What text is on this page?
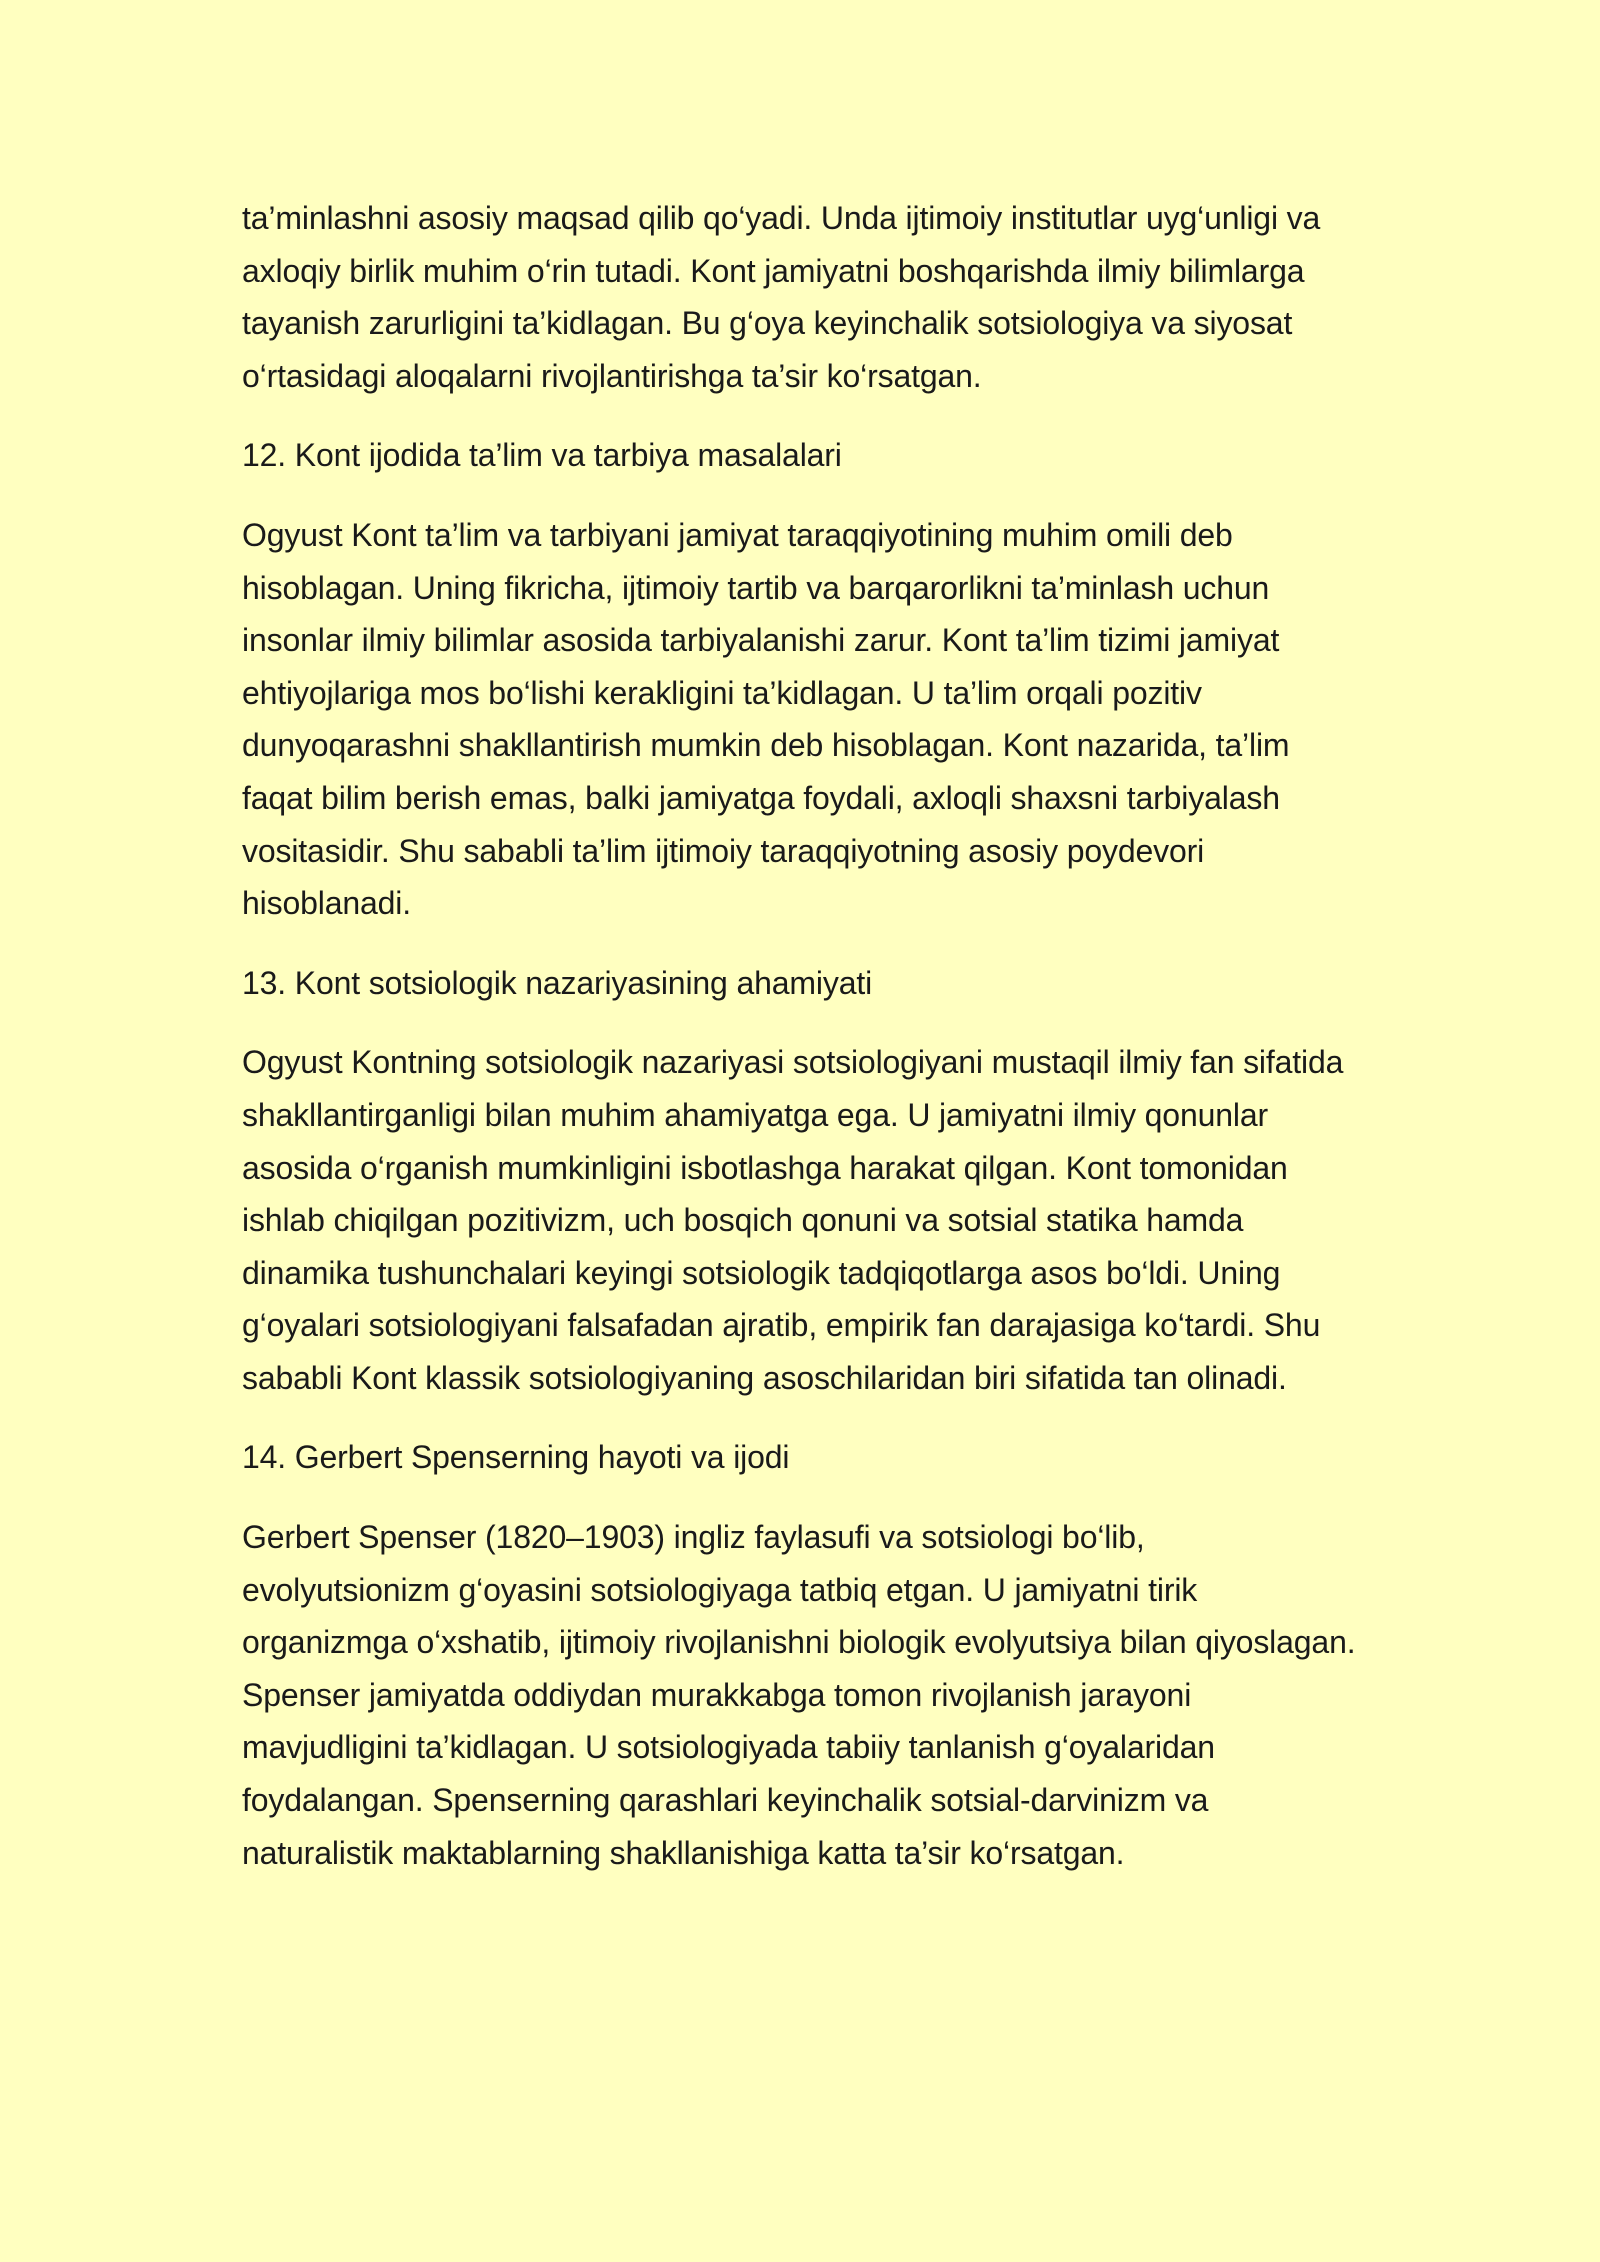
ta’minlashni asosiy maqsad qilib qo‘yadi. Unda ijtimoiy institutlar uyg‘unligi va axloqiy birlik muhim o‘rin tutadi. Kont jamiyatni boshqarishda ilmiy bilimlarga tayanish zarurligini ta’kidlagan. Bu g‘oya keyinchalik sotsiologiya va siyosat o‘rtasidagi aloqalarni rivojlantirishga ta’sir ko‘rsatgan.

12. Kont ijodida ta’lim va tarbiya masalalari

Ogyust Kont ta’lim va tarbiyani jamiyat taraqqiyotining muhim omili deb hisoblagan. Uning fikricha, ijtimoiy tartib va barqarorlikni ta’minlash uchun insonlar ilmiy bilimlar asosida tarbiyalanishi zarur. Kont ta’lim tizimi jamiyat ehtiyojlariga mos bo‘lishi kerakligini ta’kidlagan. U ta’lim orqali pozitiv dunyoqarashni shakllantirish mumkin deb hisoblagan. Kont nazarida, ta’lim faqat bilim berish emas, balki jamiyatga foydali, axloqli shaxsni tarbiyalash vositasidir. Shu sababli ta’lim ijtimoiy taraqqiyotning asosiy poydevori hisoblanadi.

13. Kont sotsiologik nazariyasining ahamiyati

Ogyust Kontning sotsiologik nazariyasi sotsiologiyani mustaqil ilmiy fan sifatida shakllantirganligi bilan muhim ahamiyatga ega. U jamiyatni ilmiy qonunlar asosida o‘rganish mumkinligini isbotlashga harakat qilgan. Kont tomonidan ishlab chiqilgan pozitivizm, uch bosqich qonuni va sotsial statika hamda dinamika tushunchalari keyingi sotsiologik tadqiqotlarga asos bo‘ldi. Uning g‘oyalari sotsiologiyani falsafadan ajratib, empirik fan darajasiga ko‘tardi. Shu sababli Kont klassik sotsiologiyaning asoschilaridan biri sifatida tan olinadi.

14. Gerbert Spenserning hayoti va ijodi

Gerbert Spenser (1820–1903) ingliz faylasufi va sotsiologi bo‘lib, evolyutsionizm g‘oyasini sotsiologiyaga tatbiq etgan. U jamiyatni tirik organizmga o‘xshatib, ijtimoiy rivojlanishni biologik evolyutsiya bilan qiyoslagan. Spenser jamiyatda oddiydan murakkabga tomon rivojlanish jarayoni mavjudligini ta’kidlagan. U sotsiologiyada tabiiy tanlanish g‘oyalaridan foydalangan. Spenserning qarashlari keyinchalik sotsial-darvinizm va naturalistik maktablarning shakllanishiga katta ta’sir ko‘rsatgan.
